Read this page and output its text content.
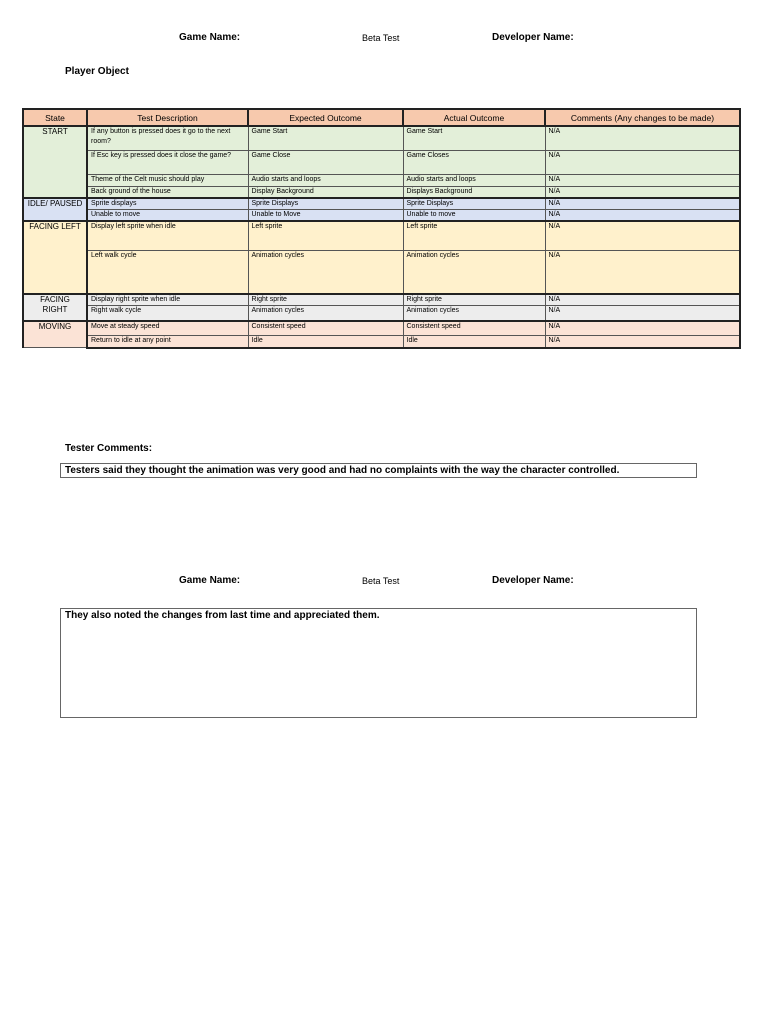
Game Name:	Beta Test	Developer Name:
Player Object
State	Test Description	Expected Outcome	Actual Outcome	Comments (Any changes to be made)
START	If any button is pressed does it go to the next room?	Game Start	Game Start	N/A
	If Esc key is pressed does it close the game?	Game Close	Game Closes	N/A
	Theme of the Celt music should play	Audio starts and loops	Audio starts and loops	N/A
	Back ground of the house	Display Background	Displays Background	N/A
IDLE/ PAUSED	Sprite displays	Sprite Displays	Sprite Displays	N/A
	Unable to move	Unable to Move	Unable to move	N/A
FACING LEFT	Display left sprite when idle	Left sprite	Left sprite	N/A
	Left walk cycle	Animation cycles	Animation cycles	N/A
FACING RIGHT	Display right sprite when idle	Right sprite	Right sprite	N/A
	Right walk cycle	Animation cycles	Animation cycles	N/A
MOVING	Move at steady speed	Consistent speed	Consistent speed	N/A
	Return to idle at any point	Idle	Idle	N/A
Tester Comments:
Testers said they thought the animation was very good and had no complaints with the way the character controlled.
Game Name:	Beta Test	Developer Name:
They also noted the changes from last time and appreciated them.
